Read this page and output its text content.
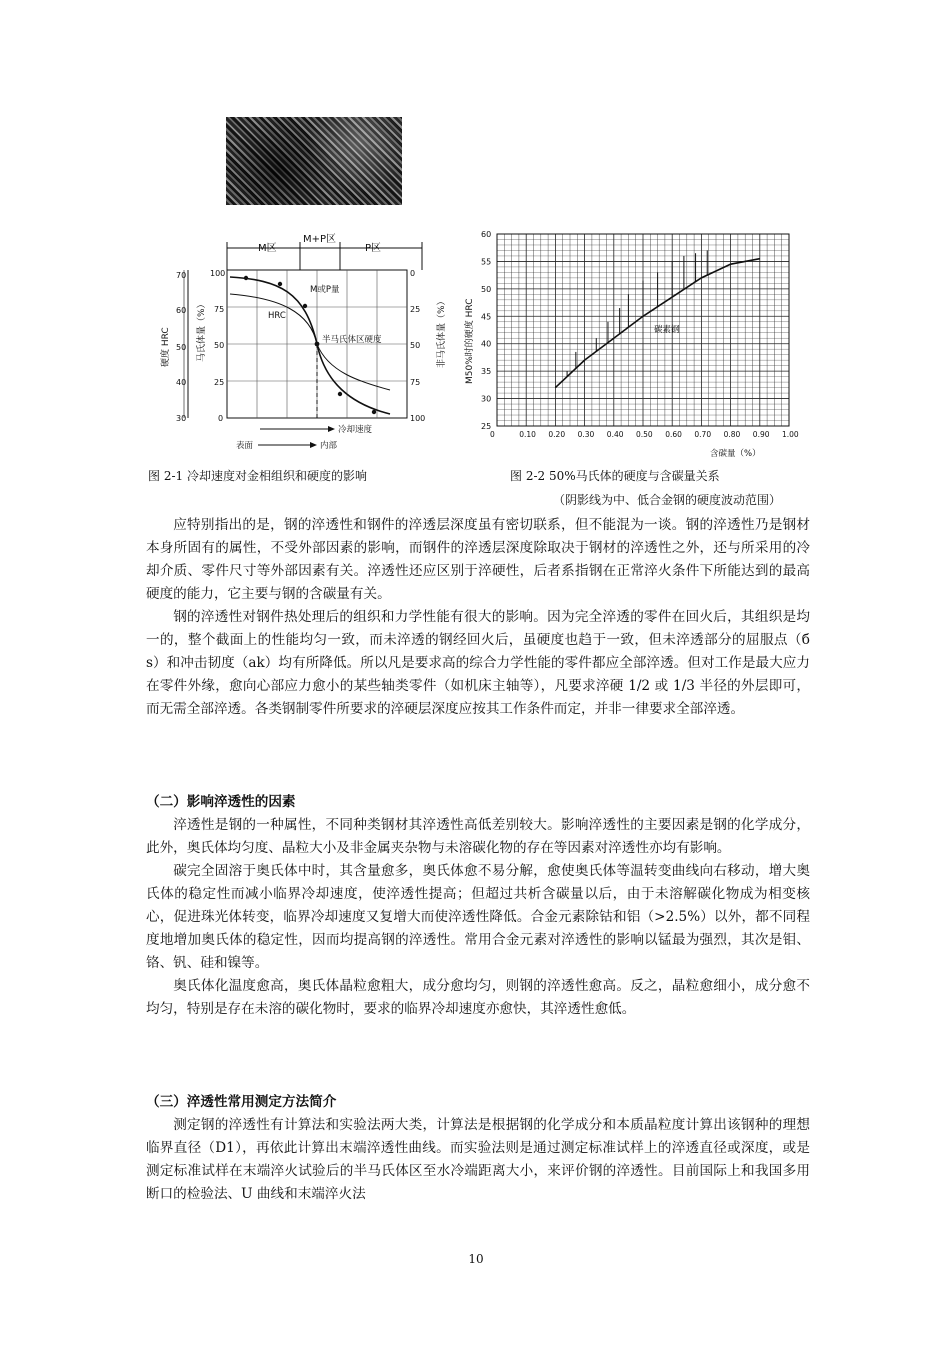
M区
M+P区
P区
70
60
50
40
30
100
75
50
25
0
0
25
50
75
100
硬度 HRC	马氏体量（%）	非马氏体量（%）
M或P量
HRC
半马氏体区硬度
冷却速度
表面	内部
25
30
35
40
45
50
55
60
0	0.10 0.20 0.30 0.40 0.50 0.60 0.70 0.80 0.90 1.00
M50%时的硬度 HRC
含碳量（%）
碳素钢
图 2-1 冷却速度对金相组织和硬度的影响	图 2-2 50%马氏体的硬度与含碳量关系
（阴影线为中、低合金钢的硬度波动范围）

应特别指出的是，钢的淬透性和钢件的淬透层深度虽有密切联系，但不能混为一谈。钢的淬透性乃是钢材本身所固有的属性，不受外部因素的影响，而钢件的淬透层深度除取决于钢材的淬透性之外，还与所采用的冷却介质、零件尺寸等外部因素有关。淬透性还应区别于淬硬性，后者系指钢在正常淬火条件下所能达到的最高硬度的能力，它主要与钢的含碳量有关。

钢的淬透性对钢件热处理后的组织和力学性能有很大的影响。因为完全淬透的零件在回火后，其组织是均一的，整个截面上的性能均匀一致，而未淬透的钢经回火后，虽硬度也趋于一致，但未淬透部分的屈服点（б s）和冲击韧度（ak）均有所降低。所以凡是要求高的综合力学性能的零件都应全部淬透。但对工作是最大应力在零件外缘，愈向心部应力愈小的某些轴类零件（如机床主轴等），凡要求淬硬 1/2 或 1/3 半径的外层即可，而无需全部淬透。各类钢制零件所要求的淬硬层深度应按其工作条件而定，并非一律要求全部淬透。

（二）影响淬透性的因素

淬透性是钢的一种属性，不同种类钢材其淬透性高低差别较大。影响淬透性的主要因素是钢的化学成分，此外，奥氏体均匀度、晶粒大小及非金属夹杂物与未溶碳化物的存在等因素对淬透性亦均有影响。

碳完全固溶于奥氏体中时，其含量愈多，奥氏体愈不易分解，愈使奥氏体等温转变曲线向右移动，增大奥氏体的稳定性而减小临界冷却速度，使淬透性提高；但超过共析含碳量以后，由于未溶解碳化物成为相变核心，促进珠光体转变，临界冷却速度又复增大而使淬透性降低。合金元素除钴和铝（>2.5%）以外，都不同程度地增加奥氏体的稳定性，因而均提高钢的淬透性。常用合金元素对淬透性的影响以锰最为强烈，其次是钼、铬、钒、硅和镍等。

奥氏体化温度愈高，奥氏体晶粒愈粗大，成分愈均匀，则钢的淬透性愈高。反之，晶粒愈细小，成分愈不均匀，特别是存在未溶的碳化物时，要求的临界冷却速度亦愈快，其淬透性愈低。

（三）淬透性常用测定方法简介

测定钢的淬透性有计算法和实验法两大类，计算法是根据钢的化学成分和本质晶粒度计算出该钢种的理想临界直径（D1），再依此计算出末端淬透性曲线。而实验法则是通过测定标准试样上的淬透直径或深度，或是测定标准试样在末端淬火试验后的半马氏体区至水冷端距离大小，来评价钢的淬透性。目前国际上和我国多用断口的检验法、U 曲线和末端淬火法

10
